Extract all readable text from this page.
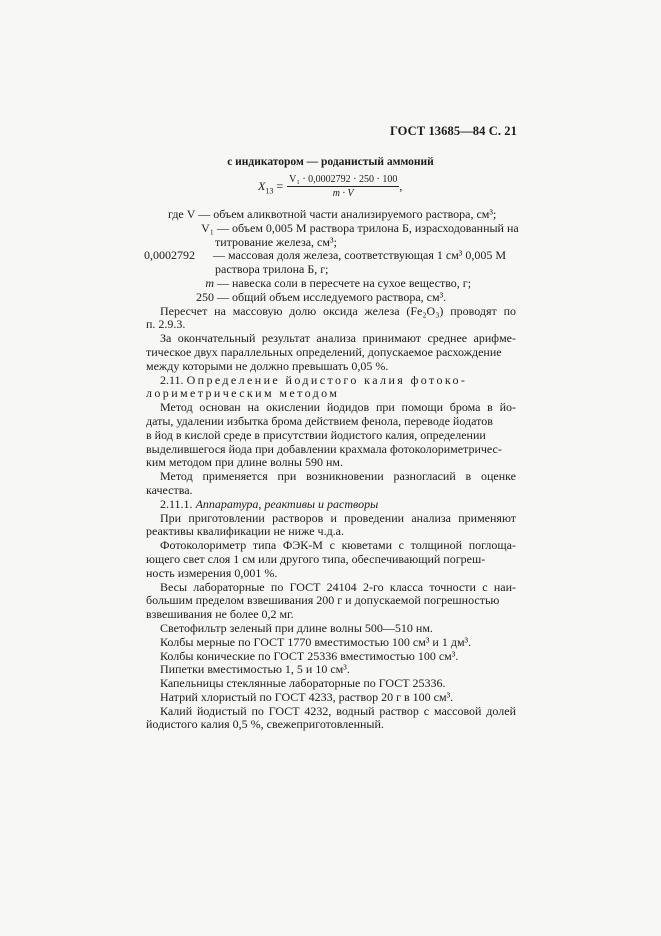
ГОСТ 13685—84 С. 21
с индикатором — роданистый аммоний
$X_{13} = \frac{\text{V₁ · 0,0002792 · 250 · 100}}{m \cdot V}$ ,
где V — объем аликвотной части анализируемого раствора, см³;
V₁ — объем 0,005 М раствора трилона Б, израсходованный на
титрование железа, см³;
0,0002792 — массовая доля железа, соответствующая 1 см³ 0,005 М
раствора трилона Б, г;
m — навеска соли в пересчете на сухое вещество, г;
250 — общий объем исследуемого раствора, см³.
Пересчет на массовую долю оксида железа (Fe₂O₃) проводят по
п. 2.9.3.
За окончательный результат анализа принимают среднее арифме-
тическое двух параллельных определений, допускаемое расхождение
между которыми не должно превышать 0,05 %.
2.11. Определение йодистого калия фотоко-
лориметрическим методом
Метод основан на окислении йодидов при помощи брома в йо-
даты, удалении избытка брома действием фенола, переводе йодатов
в йод в кислой среде в присутствии йодистого калия, определении
выделившегося йода при добавлении крахмала фотоколориметричес-
ким методом при длине волны 590 нм.
Метод применяется при возникновении разногласий в оценке
качества.
2.11.1. Аппаратура, реактивы и растворы
При приготовлении растворов и проведении анализа применяют
реактивы квалификации не ниже ч.д.а.
Фотоколориметр типа ФЭК-М с кюветами с толщиной поглоща-
ющего свет слоя 1 см или другого типа, обеспечивающий погреш-
ность измерения 0,001 %.
Весы лабораторные по ГОСТ 24104 2-го класса точности с наи-
большим пределом взвешивания 200 г и допускаемой погрешностью
взвешивания не более 0,2 мг.
Светофильтр зеленый при длине волны 500—510 нм.
Колбы мерные по ГОСТ 1770 вместимостью 100 см³ и 1 дм³.
Колбы конические по ГОСТ 25336 вместимостью 100 см³.
Пипетки вместимостью 1, 5 и 10 см³.
Капельницы стеклянные лабораторные по ГОСТ 25336.
Натрий хлористый по ГОСТ 4233, раствор 20 г в 100 см³.
Калий йодистый по ГОСТ 4232, водный раствор с массовой долей
йодистого калия 0,5 %, свежеприготовленный.
